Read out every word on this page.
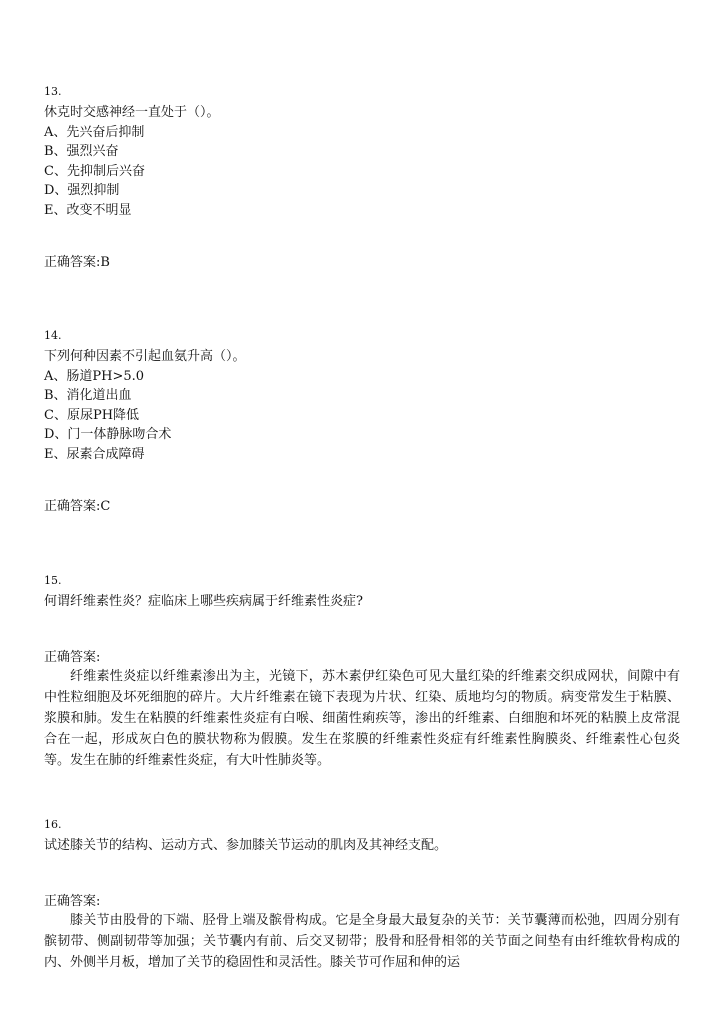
13.
休克时交感神经一直处于（）。
A、先兴奋后抑制
B、强烈兴奋
C、先抑制后兴奋
D、强烈抑制
E、改变不明显
正确答案:B
14.
下列何种因素不引起血氨升高（）。
A、肠道PH>5.0
B、消化道出血
C、原尿PH降低
D、门一体静脉吻合术
E、尿素合成障碍
正确答案:C
15.
何谓纤维素性炎？症临床上哪些疾病属于纤维素性炎症?
正确答案:
纤维素性炎症以纤维素渗出为主，光镜下，苏木素伊红染色可见大量红染的纤维素交织成网状，间隙中有中性粒细胞及坏死细胞的碎片。大片纤维素在镜下表现为片状、红染、质地均匀的物质。病变常发生于粘膜、浆膜和肺。发生在粘膜的纤维素性炎症有白喉、细菌性痢疾等，渗出的纤维素、白细胞和坏死的粘膜上皮常混合在一起，形成灰白色的膜状物称为假膜。发生在浆膜的纤维素性炎症有纤维素性胸膜炎、纤维素性心包炎等。发生在肺的纤维素性炎症，有大叶性肺炎等。
16.
试述膝关节的结构、运动方式、参加膝关节运动的肌肉及其神经支配。
正确答案:
膝关节由股骨的下端、胫骨上端及髌骨构成。它是全身最大最复杂的关节：关节囊薄而松弛，四周分别有髌韧带、侧副韧带等加强；关节囊内有前、后交叉韧带；股骨和胫骨相邻的关节面之间垫有由纤维软骨构成的内、外侧半月板，增加了关节的稳固性和灵活性。膝关节可作屈和伸的运
